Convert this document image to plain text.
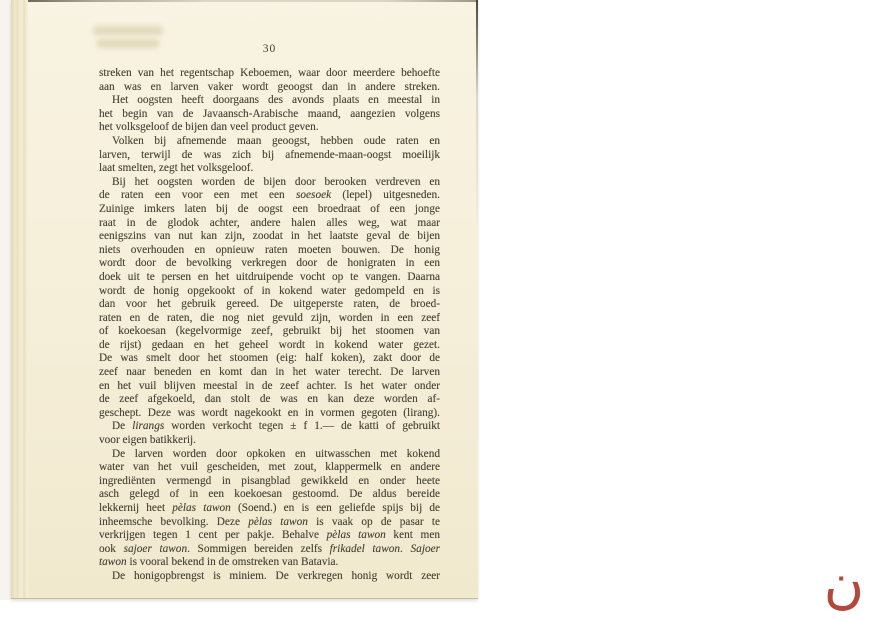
30
streken van het regentschap Keboemen, waar door meerdere behoefte
aan was en larven vaker wordt geoogst dan in andere streken.
Het oogsten heeft doorgaans des avonds plaats en meestal in
het begin van de Javaansch-Arabische maand, aangezien volgens
het volksgeloof de bijen dan veel product geven.
Volken bij afnemende maan geoogst, hebben oude raten en
larven, terwijl de was zich bij afnemende-maan-oogst moeilijk
laat smelten, zegt het volksgeloof.
Bij het oogsten worden de bijen door berooken verdreven en
de raten een voor een met een soesoek (lepel) uitgesneden.
Zuinige imkers laten bij de oogst een broedraat of een jonge
raat in de glodok achter, andere halen alles weg, wat maar
eenigszins van nut kan zijn, zoodat in het laatste geval de bijen
niets overhouden en opnieuw raten moeten bouwen. De honig
wordt door de bevolking verkregen door de honigraten in een
doek uit te persen en het uitdruipende vocht op te vangen. Daarna
wordt de honig opgekookt of in kokend water gedompeld en is
dan voor het gebruik gereed. De uitgeperste raten, de broed-
raten en de raten, die nog niet gevuld zijn, worden in een zeef
of koekoesan (kegelvormige zeef, gebruikt bij het stoomen van
de rijst) gedaan en het geheel wordt in kokend water gezet.
De was smelt door het stoomen (eig: half koken), zakt door de
zeef naar beneden en komt dan in het water terecht. De larven
en het vuil blijven meestal in de zeef achter. Is het water onder
de zeef afgekoeld, dan stolt de was en kan deze worden af-
geschept. Deze was wordt nagekookt en in vormen gegoten (lirang).
De lirangs worden verkocht tegen ± f 1.— de katti of gebruikt
voor eigen batikkerij.
De larven worden door opkoken en uitwasschen met kokend
water van het vuil gescheiden, met zout, klappermelk en andere
ingrediënten vermengd in pisangblad gewikkeld en onder heete
asch gelegd of in een koekoesan gestoomd. De aldus bereide
lekkernij heet pèlas tawon (Soend.) en is een geliefde spijs bij de
inheemsche bevolking. Deze pèlas tawon is vaak op de pasar te
verkrijgen tegen 1 cent per pakje. Behalve pèlas tawon kent men
ook sajoer tawon. Sommigen bereiden zelfs frikadel tawon. Sajoer
tawon is vooral bekend in de omstreken van Batavia.
De honigopbrengst is miniem. De verkregen honig wordt zeer	ن
